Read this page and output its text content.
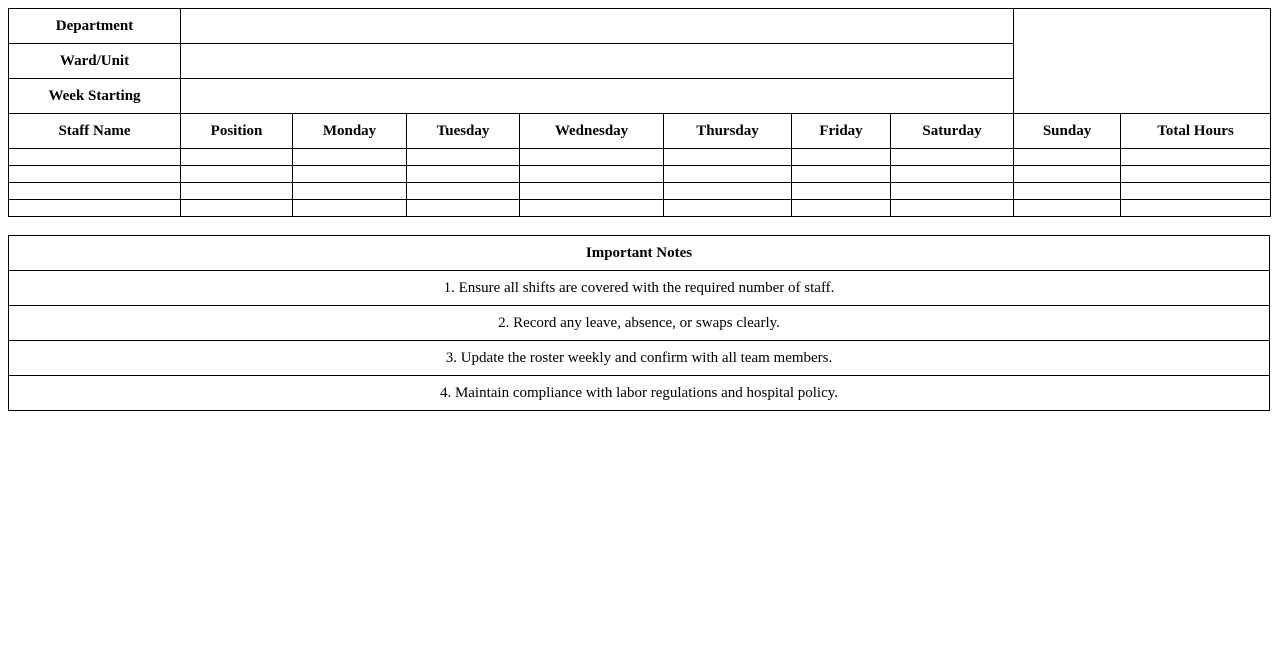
Department									
Ward/Unit									
Week Starting									
Staff Name	Position	Monday	Tuesday	Wednesday	Thursday	Friday	Saturday	Sunday	Total Hours

Important Notes
1. Ensure all shifts are covered with the required number of staff.
2. Record any leave, absence, or swaps clearly.
3. Update the roster weekly and confirm with all team members.
4. Maintain compliance with labor regulations and hospital policy.
